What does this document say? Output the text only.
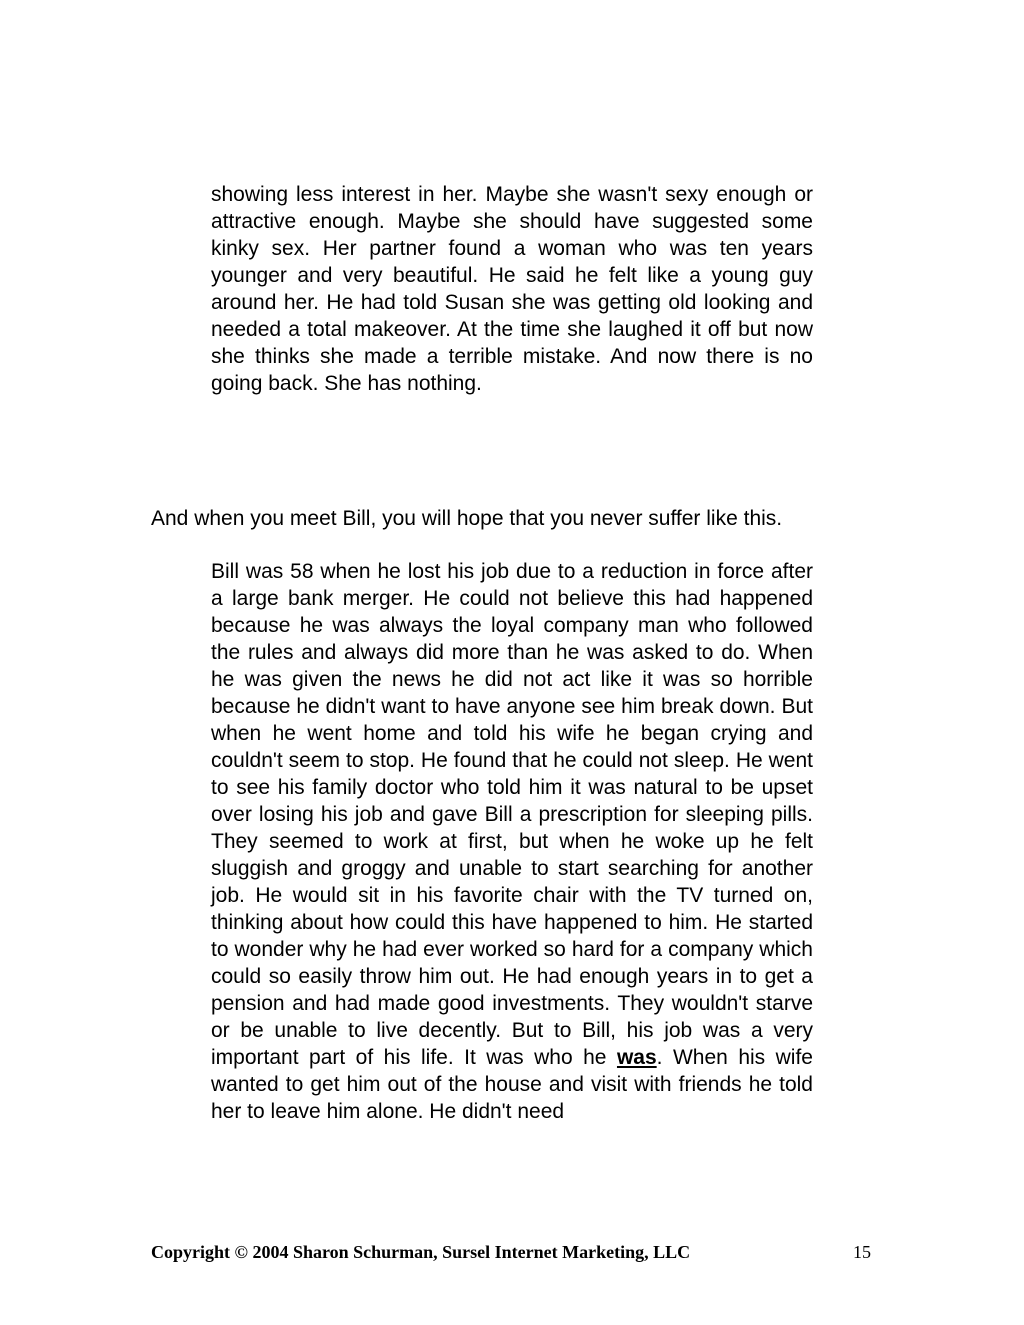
showing less interest in her. Maybe she wasn't sexy enough or attractive enough. Maybe she should have suggested some kinky sex. Her partner found a woman who was ten years younger and very beautiful. He said he felt like a young guy around her. He had told Susan she was getting old looking and needed a total makeover. At the time she laughed it off but now she thinks she made a terrible mistake. And now there is no going back. She has nothing.

And when you meet Bill, you will hope that you never suffer like this.

Bill was 58 when he lost his job due to a reduction in force after a large bank merger. He could not believe this had happened because he was always the loyal company man who followed the rules and always did more than he was asked to do. When he was given the news he did not act like it was so horrible because he didn't want to have anyone see him break down. But when he went home and told his wife he began crying and couldn't seem to stop. He found that he could not sleep. He went to see his family doctor who told him it was natural to be upset over losing his job and gave Bill a prescription for sleeping pills. They seemed to work at first, but when he woke up he felt sluggish and groggy and unable to start searching for another job. He would sit in his favorite chair with the TV turned on, thinking about how could this have happened to him. He started to wonder why he had ever worked so hard for a company which could so easily throw him out. He had enough years in to get a pension and had made good investments. They wouldn't starve or be unable to live decently. But to Bill, his job was a very important part of his life. It was who he was. When his wife wanted to get him out of the house and visit with friends he told her to leave him alone. He didn't need

Copyright © 2004 Sharon Schurman, Sursel Internet Marketing, LLC	15
